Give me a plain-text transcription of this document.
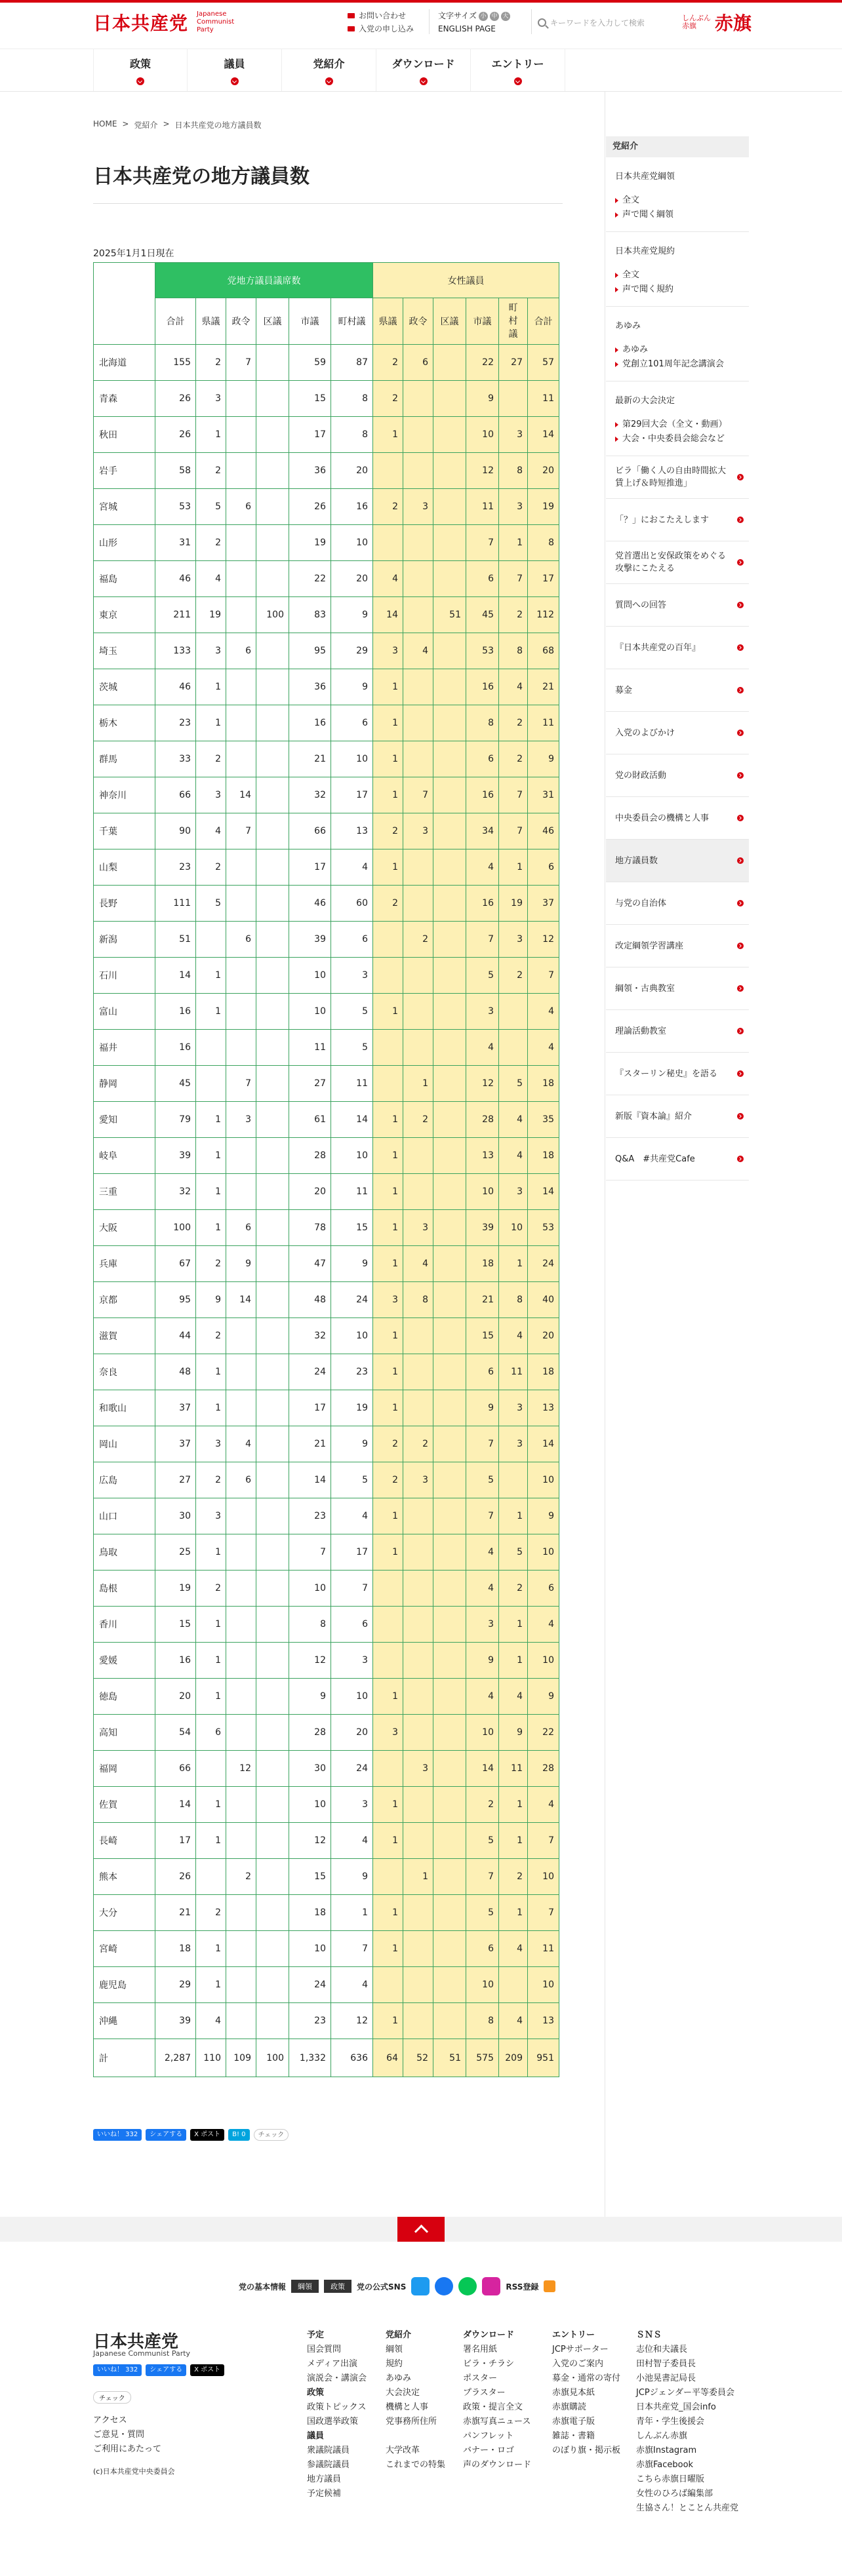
日本共産党 Japanese
Communist
Party
お問い合わせ
入党の申し込み
文字サイズ 小 中 大
ENGLISH PAGE
キーワードを入力して検索	しんぶん
赤旗	赤旗
政策	議員	党紹介	ダウンロード	エントリー
HOME > 党紹介 > 日本共産党の地方議員数
日本共産党の地方議員数
2025年1月1日現在
	党地方議員議席数						女性議員					
	合計	県議	政令	区議	市議	町村議	県議	政令	区議	市議	町村議	合計
北海道	155	2	7		59	87	2	6		22	27	57
青森	26	3			15	8	2			9		11
秋田	26	1			17	8	1			10	3	14
岩手	58	2			36	20				12	8	20
宮城	53	5	6		26	16	2	3		11	3	19
山形	31	2			19	10				7	1	8
福島	46	4			22	20	4			6	7	17
東京	211	19		100	83	9	14		51	45	2	112
埼玉	133	3	6		95	29	3	4		53	8	68
茨城	46	1			36	9	1			16	4	21
栃木	23	1			16	6	1			8	2	11
群馬	33	2			21	10	1			6	2	9
神奈川	66	3	14		32	17	1	7		16	7	31
千葉	90	4	7		66	13	2	3		34	7	46
山梨	23	2			17	4	1			4	1	6
長野	111	5			46	60	2			16	19	37
新潟	51		6		39	6		2		7	3	12
石川	14	1			10	3				5	2	7
富山	16	1			10	5	1			3		4
福井	16				11	5				4		4
静岡	45		7		27	11		1		12	5	18
愛知	79	1	3		61	14	1	2		28	4	35
岐阜	39	1			28	10	1			13	4	18
三重	32	1			20	11	1			10	3	14
大阪	100	1	6		78	15	1	3		39	10	53
兵庫	67	2	9		47	9	1	4		18	1	24
京都	95	9	14		48	24	3	8		21	8	40
滋賀	44	2			32	10	1			15	4	20
奈良	48	1			24	23	1			6	11	18
和歌山	37	1			17	19	1			9	3	13
岡山	37	3	4		21	9	2	2		7	3	14
広島	27	2	6		14	5	2	3		5		10
山口	30	3			23	4	1			7	1	9
鳥取	25	1			7	17	1			4	5	10
島根	19	2			10	7				4	2	6
香川	15	1			8	6				3	1	4
愛媛	16	1			12	3				9	1	10
徳島	20	1			9	10	1			4	4	9
高知	54	6			28	20	3			10	9	22
福岡	66		12		30	24		3		14	11	28
佐賀	14	1			10	3	1			2	1	4
長崎	17	1			12	4	1			5	1	7
熊本	26		2		15	9		1		7	2	10
大分	21	2			18	1	1			5	1	7
宮崎	18	1			10	7	1			6	4	11
鹿児島	29	1			24	4				10		10
沖縄	39	4			23	12	1			8	4	13
計	2,287	110	109	100	1,332	636	64	52	51	575	209	951
いいね！ 332	シェアする	X ポスト	B! 0	チェック
党紹介
日本共産党綱領
全文
声で聞く綱領
日本共産党規約
全文
声で聞く規約
あゆみ
あゆみ
党創立101周年記念講演会
最新の大会決定
第29回大会（全文・動画）
大会・中央委員会総会など
ビラ「働く人の自由時間拡大 賃上げ＆時短推進」
「？」におこたえします
党首選出と安保政策をめぐる攻撃にこたえる
質問への回答
『日本共産党の百年』
募金
入党のよびかけ
党の財政活動
中央委員会の機構と人事
地方議員数
与党の自治体
改定綱領学習講座
綱領・古典教室
理論活動教室
『スターリン秘史』を語る
新版『資本論』紹介
Q&A　#共産党Cafe
党の基本情報	綱領	政策	党の公式SNS	RSS登録
日本共産党
Japanese Communist Party
いいね！ 332	シェアする	X ポスト
チェック
アクセス
ご意見・質問
ご利用にあたって
(c)日本共産党中央委員会
予定
国会質問
メディア出演
演説会・講演会
政策
政策トピックス
国政選挙政策
議員
衆議院議員
参議院議員
地方議員
予定候補
党紹介
綱領
規約
あゆみ
大会決定
機構と人事
党事務所住所

大学改革
これまでの特集
ダウンロード
署名用紙
ビラ・チラシ
ポスター
プラスター
政策・提言全文
赤旗写真ニュース
パンフレット
バナー・ロゴ
声のダウンロード
エントリー
JCPサポーター
入党のご案内
募金・通常の寄付
赤旗見本紙
赤旗購読
赤旗電子版
雑誌・書籍
のぼり旗・掲示板
ＳＮＳ
志位和夫議長
田村智子委員長
小池晃書記局長
JCPジェンダー平等委員会
日本共産党_国会info
青年・学生後援会
しんぶん赤旗
赤旗Instagram
赤旗Facebook
こちら赤旗日曜版
女性のひろば編集部
生協さん！とことん共産党
